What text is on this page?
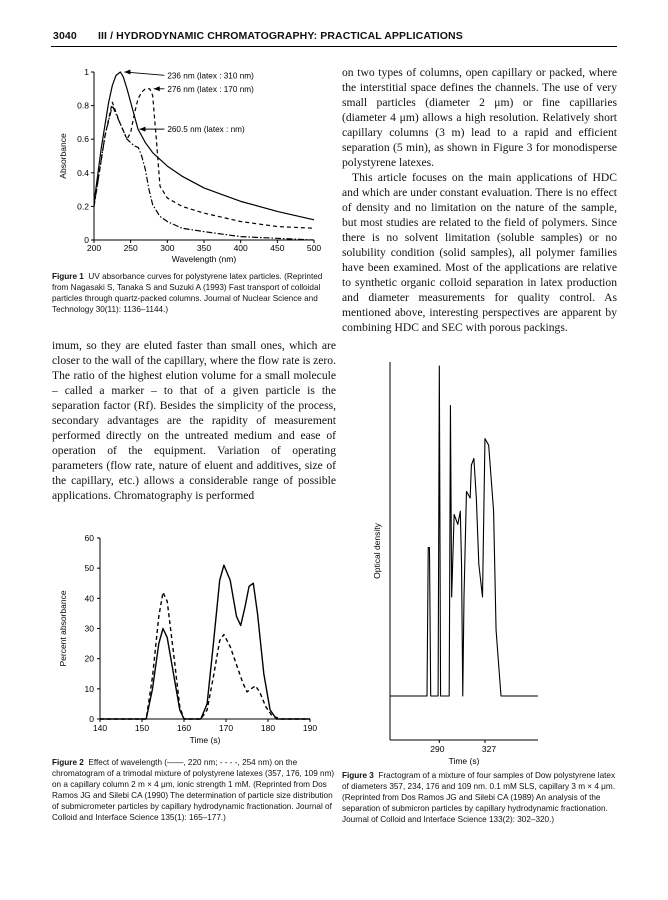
3040 III / HYDRODYNAMIC CHROMATOGRAPHY: PRACTICAL APPLICATIONS
200	250	300	350	400	450	500
0
0.2
0.4
0.6
0.8
1
Wavelength (nm)
Absorbance
236 nm (latex : 310 nm)
276 nm (latex : 170 nm)
260.5 nm (latex : nm)
Figure 1 UV absorbance curves for polystyrene latex particles. (Reprinted from Nagasaki S, Tanaka S and Suzuki A (1993) Fast transport of colloidal particles through quartz-packed columns. Journal of Nuclear Science and Technology 30(11): 1136–1144.)

imum, so they are eluted faster than small ones, which are closer to the wall of the capillary, where the flow rate is zero. The ratio of the highest elution volume for a small molecule – called a marker – to that of a given particle is the separation factor (Rf). Besides the simplicity of the process, secondary advantages are the rapidity of measurement performed directly on the untreated medium and ease of operation of the equipment. Variation of operating parameters (flow rate, nature of eluent and additives, size of the capillary, etc.) allows a considerable range of possible applications. Chromatography is performed

on two types of columns, open capillary or packed, where the interstitial space defines the channels. The use of very small particles (diameter 2 μm) or fine capillaries (diameter 4 μm) allows a high resolution. Relatively short capillary columns (3 m) lead to a rapid and efficient separation (5 min), as shown in Figure 3 for monodisperse polystyrene latexes.

This article focuses on the main applications of HDC and which are under constant evaluation. There is no effect of density and no limitation on the nature of the sample, but most studies are related to the field of polymers. Since there is no solvent limitation (soluble samples) or no solubility condition (solid samples), all polymer families have been examined. Most of the applications are relative to synthetic organic colloid separation in latex production and diameter measurements for quality control. As mentioned above, interesting perspectives are apparent by combining HDC and SEC with porous packings.

140	150	160	170	180	190
0
10
20
30
40
50
60
Time (s)
Percent absorbance
Figure 2 Effect of wavelength (——, 220 nm; - - - -, 254 nm) on the chromatogram of a trimodal mixture of polystyrene latexes (357, 176, 109 nm) on a capillary column 2 m × 4 μm, ionic strength 1 mM. (Reprinted from Dos Ramos JG and Silebi CA (1990) The determination of particle size distribution of submicrometer particles by capillary hydrodynamic fractionation. Journal of Colloid and Interface Science 135(1): 165–177.)
290	327
Time (s)
Optical density
Figure 3 Fractogram of a mixture of four samples of Dow polystyrene latex of diameters 357, 234, 176 and 109 nm. 0.1 mM SLS, capillary 3 m × 4 μm. (Reprinted from Dos Ramos JG and Silebi CA (1989) An analysis of the separation of submicron particles by capillary hydrodynamic fractionation. Journal of Colloid and Interface Science 133(2): 302–320.)
